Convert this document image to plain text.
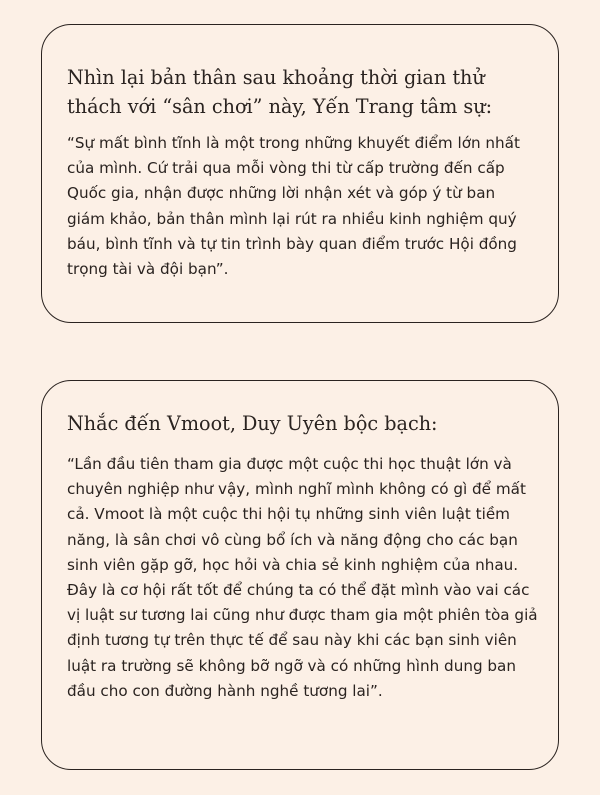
Nhìn lại bản thân sau khoảng thời gian thử thách với “sân chơi” này, Yến Trang tâm sự:

“Sự mất bình tĩnh là một trong những khuyết điểm lớn nhất của mình. Cứ trải qua mỗi vòng thi từ cấp trường đến cấp Quốc gia, nhận được những lời nhận xét và góp ý từ ban giám khảo, bản thân mình lại rút ra nhiều kinh nghiệm quý báu, bình tĩnh và tự tin trình bày quan điểm trước Hội đồng trọng tài và đội bạn”.

Nhắc đến Vmoot, Duy Uyên bộc bạch:

“Lần đầu tiên tham gia được một cuộc thi học thuật lớn và chuyên nghiệp như vậy, mình nghĩ mình không có gì để mất cả. Vmoot là một cuộc thi hội tụ những sinh viên luật tiềm năng, là sân chơi vô cùng bổ ích và năng động cho các bạn sinh viên gặp gỡ, học hỏi và chia sẻ kinh nghiệm của nhau. Đây là cơ hội rất tốt để chúng ta có thể đặt mình vào vai các vị luật sư tương lai cũng như được tham gia một phiên tòa giả định tương tự trên thực tế để sau này khi các bạn sinh viên luật ra trường sẽ không bỡ ngỡ và có những hình dung ban đầu cho con đường hành nghề tương lai”.
